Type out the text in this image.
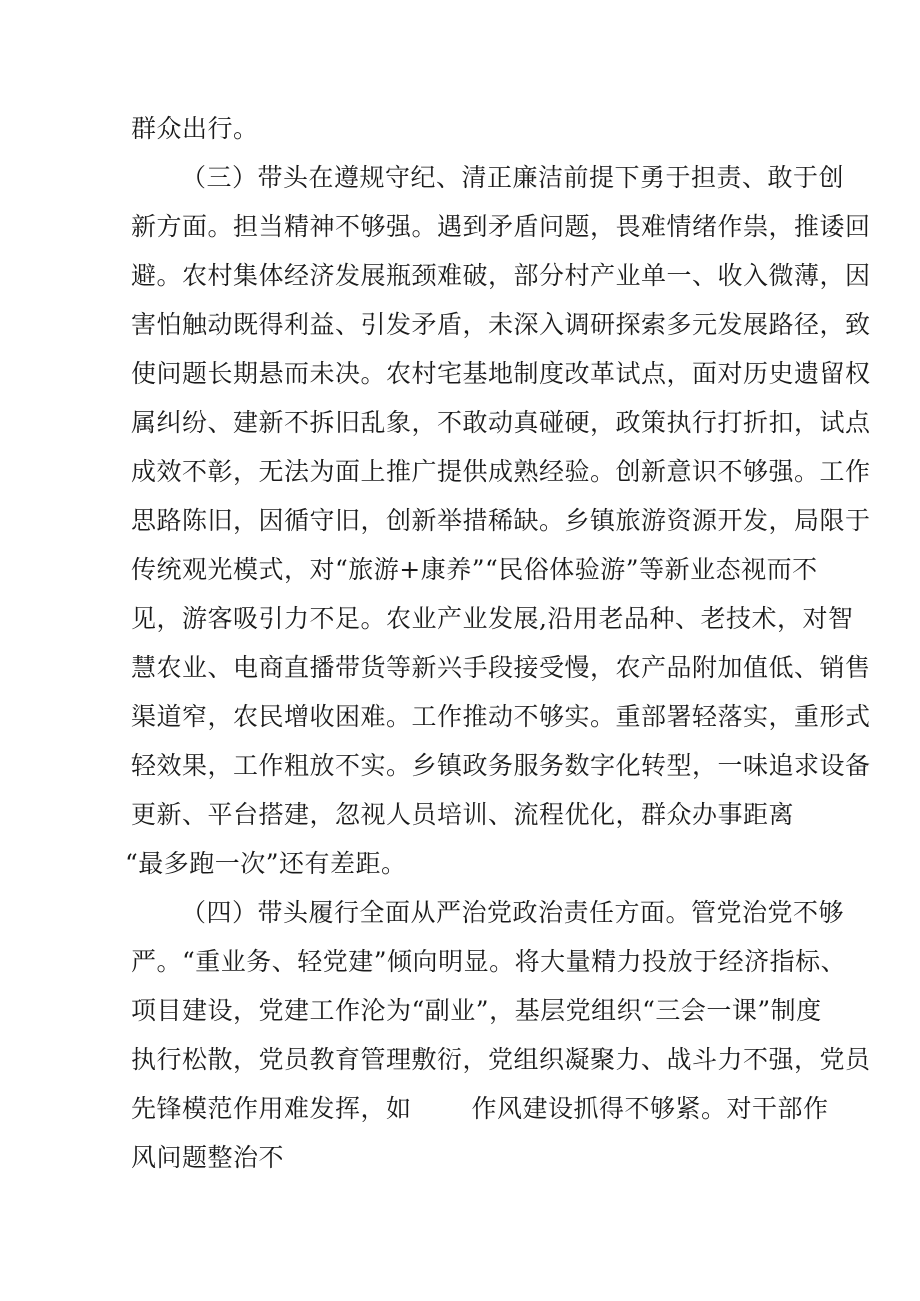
群众出行。
（三）带头在遵规守纪、清正廉洁前提下勇于担责、敢于创
新方面。担当精神不够强。遇到矛盾问题，畏难情绪作祟，推诿回
避。农村集体经济发展瓶颈难破，部分村产业单一、收入微薄，因
害怕触动既得利益、引发矛盾，未深入调研探索多元发展路径，致
使问题长期悬而未决。农村宅基地制度改革试点，面对历史遗留权
属纠纷、建新不拆旧乱象，不敢动真碰硬，政策执行打折扣，试点
成效不彰，无法为面上推广提供成熟经验。创新意识不够强。工作
思路陈旧，因循守旧，创新举措稀缺。乡镇旅游资源开发，局限于
传统观光模式，对“旅游+康养”“民俗体验游”等新业态视而不
见，游客吸引力不足。农业产业发展,沿用老品种、老技术，对智
慧农业、电商直播带货等新兴手段接受慢，农产品附加值低、销售
渠道窄，农民增收困难。工作推动不够实。重部署轻落实，重形式
轻效果，工作粗放不实。乡镇政务服务数字化转型，一味追求设备
更新、平台搭建，忽视人员培训、流程优化，群众办事距离
“最多跑一次”还有差距。
（四）带头履行全面从严治党政治责任方面。管党治党不够
严。“重业务、轻党建”倾向明显。将大量精力投放于经济指标、
项目建设，党建工作沦为“副业”，基层党组织“三会一课”制度
执行松散，党员教育管理敷衍，党组织凝聚力、战斗力不强，党员
先锋模范作用难发挥，如 作风建设抓得不够紧。对干部作
风问题整治不
